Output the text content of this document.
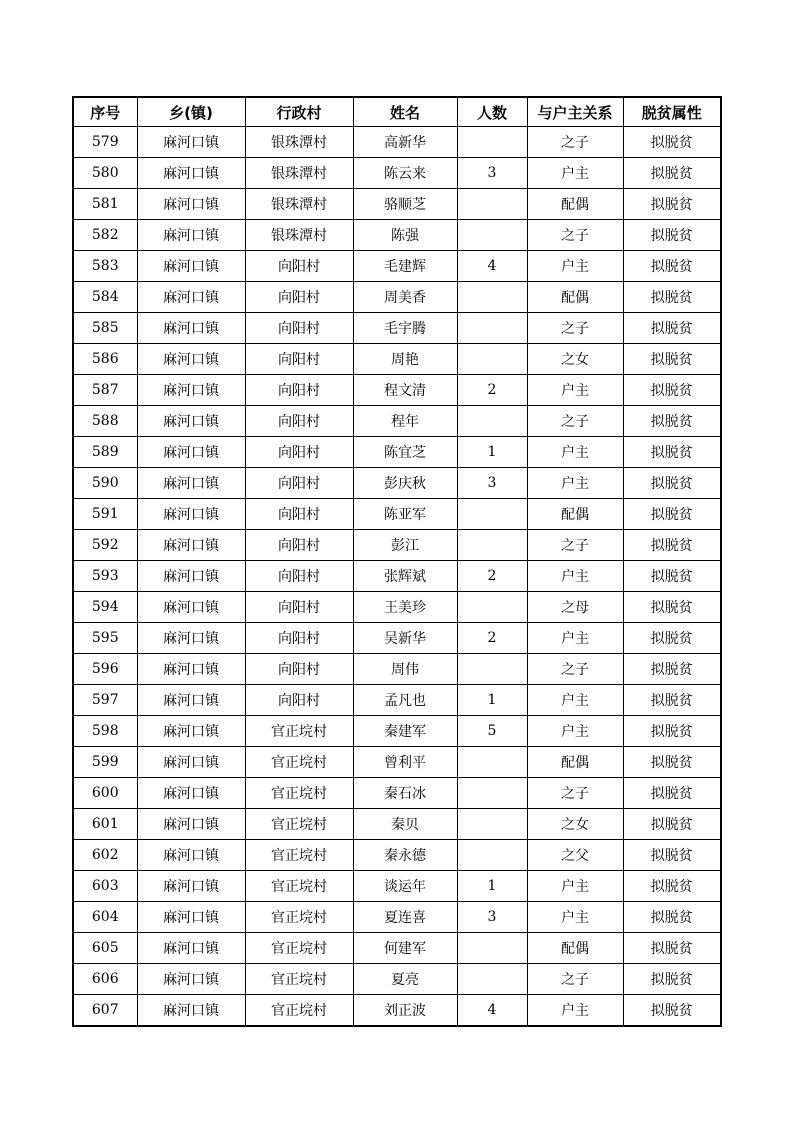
序号	乡(镇)	行政村	姓名	人数	与户主关系	脱贫属性
579	麻河口镇	银珠潭村	高新华		之子	拟脱贫
580	麻河口镇	银珠潭村	陈云来	3	户主	拟脱贫
581	麻河口镇	银珠潭村	骆顺芝		配偶	拟脱贫
582	麻河口镇	银珠潭村	陈强		之子	拟脱贫
583	麻河口镇	向阳村	毛建辉	4	户主	拟脱贫
584	麻河口镇	向阳村	周美香		配偶	拟脱贫
585	麻河口镇	向阳村	毛宇腾		之子	拟脱贫
586	麻河口镇	向阳村	周艳		之女	拟脱贫
587	麻河口镇	向阳村	程文清	2	户主	拟脱贫
588	麻河口镇	向阳村	程年		之子	拟脱贫
589	麻河口镇	向阳村	陈宜芝	1	户主	拟脱贫
590	麻河口镇	向阳村	彭庆秋	3	户主	拟脱贫
591	麻河口镇	向阳村	陈亚军		配偶	拟脱贫
592	麻河口镇	向阳村	彭江		之子	拟脱贫
593	麻河口镇	向阳村	张辉斌	2	户主	拟脱贫
594	麻河口镇	向阳村	王美珍		之母	拟脱贫
595	麻河口镇	向阳村	吴新华	2	户主	拟脱贫
596	麻河口镇	向阳村	周伟		之子	拟脱贫
597	麻河口镇	向阳村	孟凡也	1	户主	拟脱贫
598	麻河口镇	官正垸村	秦建军	5	户主	拟脱贫
599	麻河口镇	官正垸村	曾利平		配偶	拟脱贫
600	麻河口镇	官正垸村	秦石冰		之子	拟脱贫
601	麻河口镇	官正垸村	秦贝		之女	拟脱贫
602	麻河口镇	官正垸村	秦永德		之父	拟脱贫
603	麻河口镇	官正垸村	谈运年	1	户主	拟脱贫
604	麻河口镇	官正垸村	夏连喜	3	户主	拟脱贫
605	麻河口镇	官正垸村	何建军		配偶	拟脱贫
606	麻河口镇	官正垸村	夏亮		之子	拟脱贫
607	麻河口镇	官正垸村	刘正波	4	户主	拟脱贫
